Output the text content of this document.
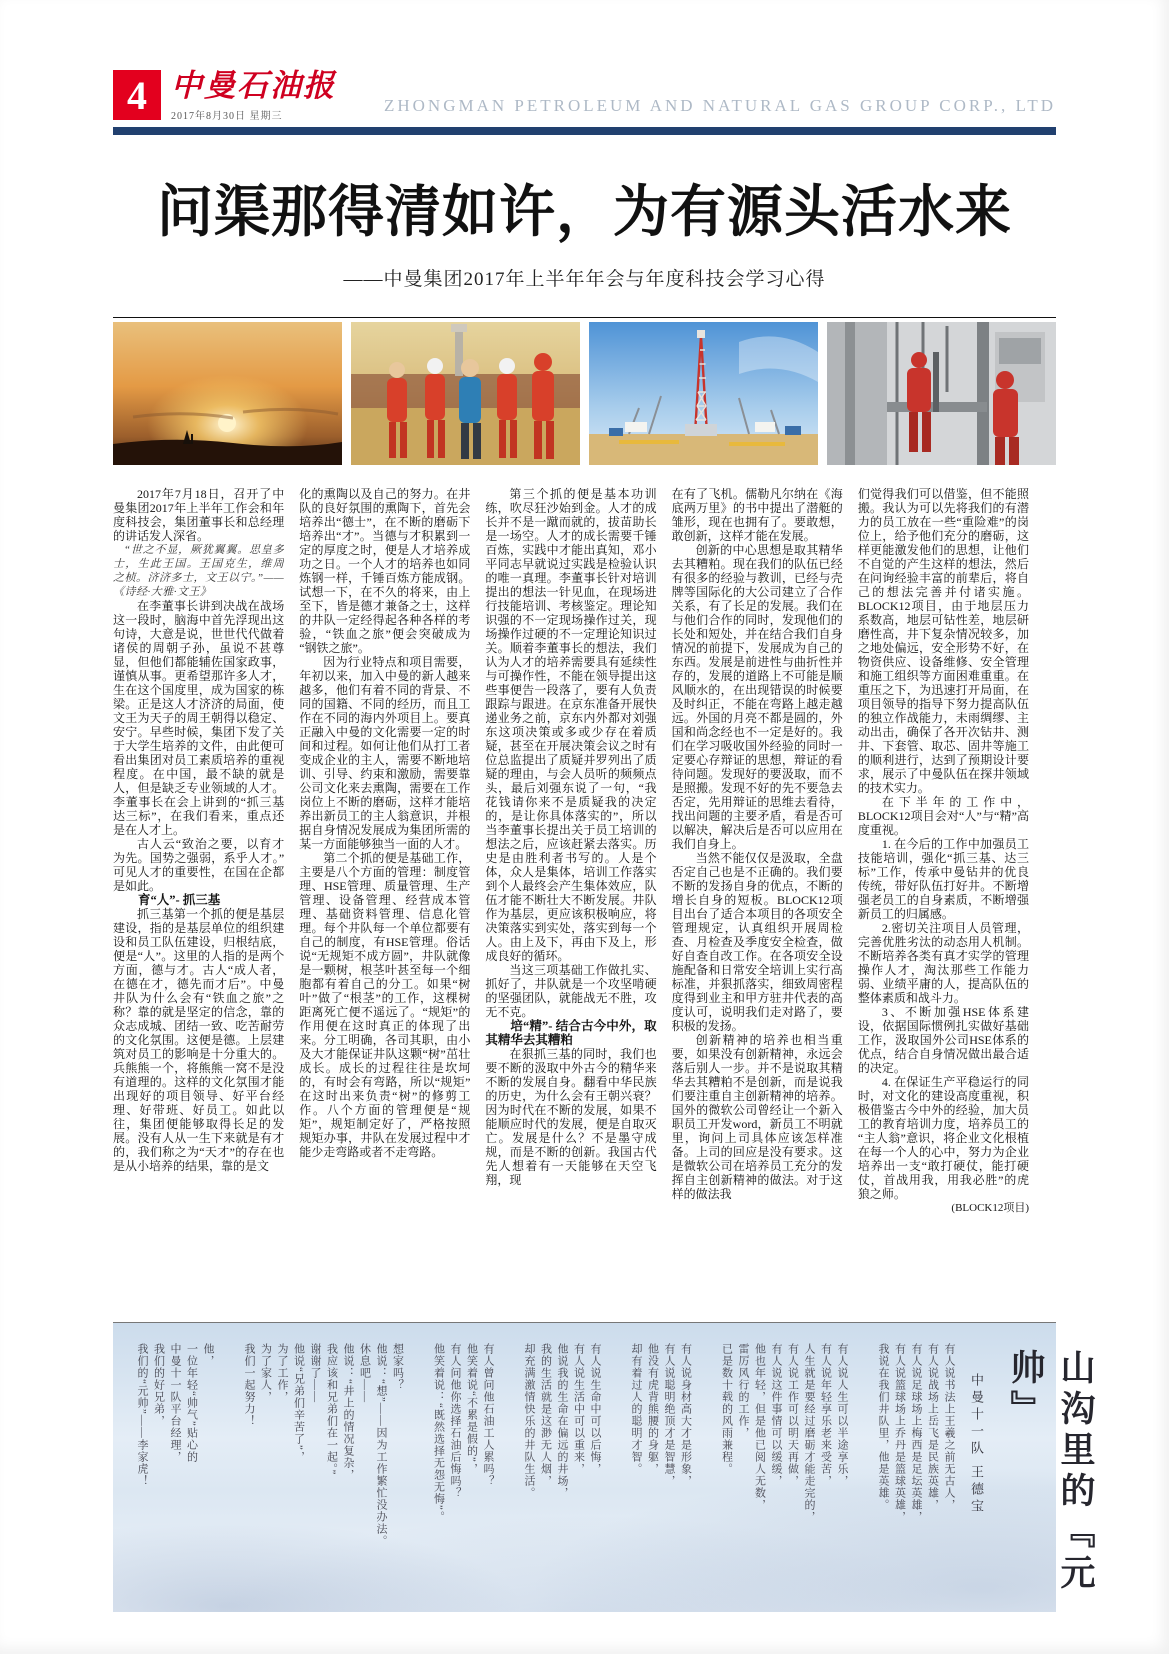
4 中曼石油报
2017年8月30日 星期三
ZHONGMAN PETROLEUM AND NATURAL GAS GROUP CORP., LTD
问渠那得清如许，为有源头活水来

——中曼集团2017年上半年年会与年度科技会学习心得

2017年7月18日，召开了中曼集团2017年上半年工作会和年度科技会，集团董事长和总经理的讲话发人深省。

“世之不显，厥犹翼翼。思皇多士，生此王国。王国克生，维周之桢。济济多士，文王以宁。”——《诗经·大雅·文王》

在李董事长讲到决战在战场这一段时，脑海中首先浮现出这句诗，大意是说，世世代代做着诸侯的周朝子孙，虽说不甚尊显，但他们都能辅佐国家政事，谨慎从事。更希望那许多人才，生在这个国度里，成为国家的栋梁。正是这人才济济的局面，使文王为天子的周王朝得以稳定、安宁。早些时候，集团下发了关于大学生培养的文件，由此便可看出集团对员工素质培养的重视程度。在中国，最不缺的就是人，但是缺乏专业领域的人才。李董事长在会上讲到的“抓三基达三标”，在我们看来，重点还是在人才上。

古人云“致治之要，以育才为先。国势之强弱，系乎人才。”可见人才的重要性，在国在企都是如此。

育“人”- 抓三基

抓三基第一个抓的便是基层建设，指的是基层单位的组织建设和员工队伍建设，归根结底，便是“人”。这里的人指的是两个方面，德与才。古人“成人者，在德在才，德先而才后”。中曼井队为什么会有“铁血之旅”之称？靠的就是坚定的信念，靠的众志成城、团结一致、吃苦耐劳的文化氛围。这便是德。上层建筑对员工的影响是十分重大的。兵熊熊一个，将熊熊一窝不是没有道理的。这样的文化氛围才能出现好的项目领导、好平台经理、好带班、好员工。如此以往，集团便能够取得长足的发展。没有人从一生下来就是有才的，我们称之为“天才”的存在也是从小培养的结果，靠的是文

化的熏陶以及自己的努力。在井队的良好氛围的熏陶下，首先会培养出“德士”，在不断的磨砺下培养出“才”。当德与才积累到一定的厚度之时，便是人才培养成功之日。一个人才的培养也如同炼钢一样，千锤百炼方能成钢。试想一下，在不久的将来，由上至下，皆是德才兼备之士，这样的井队一定经得起各种各样的考验，“铁血之旅”便会突破成为“钢铁之旅”。

因为行业特点和项目需要，年初以来，加入中曼的新人越来越多，他们有着不同的背景、不同的国籍、不同的经历，而且工作在不同的海内外项目上。要真正融入中曼的文化需要一定的时间和过程。如何让他们从打工者变成企业的主人，需要不断地培训、引导、约束和激励，需要靠公司文化来去熏陶，需要在工作岗位上不断的磨砺，这样才能培养出新员工的主人翁意识，并根据自身情况发展成为集团所需的某一方面能够独当一面的人才。

第二个抓的便是基础工作，主要是八个方面的管理：制度管理、HSE管理、质量管理、生产管理、设备管理、经营成本管理、基础资料管理、信息化管理。每个井队每一个单位都要有自己的制度，有HSE管理。俗话说“无规矩不成方圆”，井队就像是一颗树，根茎叶甚至每一个细胞都有着自己的分工。如果“树叶”做了“根茎”的工作，这棵树距离死亡便不遥远了。“规矩”的作用便在这时真正的体现了出来。分工明确，各司其职，由小及大才能保证井队这颗“树”茁壮成长。成长的过程往往是坎坷的，有时会有弯路，所以“规矩”在这时出来负责“树”的修剪工作。八个方面的管理便是“规矩”，规矩制定好了，严格按照规矩办事，井队在发展过程中才能少走弯路或者不走弯路。

第三个抓的便是基本功训练，吹尽狂沙始到金。人才的成长并不是一蹴而就的，拔苗助长是一场空。人才的成长需要千锤百炼，实践中才能出真知，邓小平同志早就说过实践是检验认识的唯一真理。李董事长针对培训提出的想法一针见血，在现场进行技能培训、考核鉴定。理论知识强的不一定现场操作过关，现场操作过硬的不一定理论知识过关。顺着李董事长的想法，我们认为人才的培养需要具有延续性与可操作性，不能在领导提出这些事便告一段落了，要有人负责跟踪与跟进。在京东准备开展快递业务之前，京东内外都对刘强东这项决策或多或少存在着质疑，甚至在开展决策会议之时有位总监提出了质疑并罗列出了质疑的理由，与会人员听的频频点头，最后刘强东说了一句，“我花钱请你来不是质疑我的决定的，是让你具体落实的”，所以当李董事长提出关于员工培训的想法之后，应该赶紧去落实。历史是由胜利者书写的。人是个体，众人是集体，培训工作落实到个人最终会产生集体效应，队伍才能不断壮大不断发展。井队作为基层，更应该积极响应，将决策落实到实处，落实到每一个人。由上及下，再由下及上，形成良好的循环。

当这三项基础工作做扎实、抓好了，井队就是一个攻坚啃硬的坚强团队，就能战无不胜，攻无不克。

培“精”- 结合古今中外，取其精华去其糟粕

在狠抓三基的同时，我们也要不断的汲取中外古今的精华来不断的发展自身。翻看中华民族的历史，为什么会有王朝兴衰？因为时代在不断的发展，如果不能顺应时代的发展，便是自取灭亡。发展是什么？不是墨守成规，而是不断的创新。我国古代先人想着有一天能够在天空飞翔，现

在有了飞机。儒勒凡尔纳在《海底两万里》的书中提出了潜艇的雏形，现在也拥有了。要敢想，敢创新，这样才能在发展。

创新的中心思想是取其精华去其糟粕。现在我们的队伍已经有很多的经验与教训，已经与壳牌等国际化的大公司建立了合作关系，有了长足的发展。我们在与他们合作的同时，发现他们的长处和短处，并在结合我们自身情况的前提下，发展成为自己的东西。发展是前进性与曲折性并存的，发展的道路上不可能是顺风顺水的，在出现错误的时候要及时纠正，不能在弯路上越走越远。外国的月亮不都是圆的，外国和尚念经也不一定是好的。我们在学习吸收国外经验的同时一定要心存辩证的思想，辩证的看待问题。发现好的要汲取，而不是照搬。发现不好的先不要急去否定，先用辩证的思维去看待，找出问题的主要矛盾，看是否可以解决，解决后是否可以应用在我们自身上。

当然不能仅仅是汲取，全盘否定自己也是不正确的。我们要不断的发扬自身的优点，不断的增长自身的短板。BLOCK12项目出台了适合本项目的各项安全管理规定，认真组织开展周检查、月检查及季度安全检查，做好自查自改工作。在各项安全设施配备和日常安全培训上实行高标准，并狠抓落实，细致周密程度得到业主和甲方驻井代表的高度认可，说明我们走对路了，要积极的发扬。

创新精神的培养也相当重要，如果没有创新精神，永远会落后别人一步。并不是说取其精华去其糟粕不是创新，而是说我们要注重自主创新精神的培养。国外的微软公司曾经让一个新入职员工开发word，新员工不明就里，询问上司具体应该怎样准备。上司的回应是没有要求。这是微软公司在培养员工充分的发挥自主创新精神的做法。对于这样的做法我

们觉得我们可以借鉴，但不能照搬。我认为可以先将我们的有潜力的员工放在一些“重险难”的岗位上，给予他们充分的磨砺，这样更能激发他们的思想，让他们不自觉的产生这样的想法，然后在问询经验丰富的前辈后，将自己的想法完善并付诸实施。BLOCK12项目，由于地层压力系数高，地层可钻性差，地层研磨性高，井下复杂情况较多，加之地处偏远，安全形势不好，在物资供应、设备维修、安全管理和施工组织等方面困难重重。在重压之下，为迅速打开局面，在项目领导的指导下努力提高队伍的独立作战能力，未雨绸缪、主动出击，确保了各开次钻井、测井、下套管、取芯、固井等施工的顺利进行，达到了预期设计要求，展示了中曼队伍在探井领域的技术实力。

在下半年的工作中，BLOCK12项目会对“人”与“精”高度重视。

1. 在今后的工作中加强员工技能培训，强化“抓三基、达三标”工作，传承中曼钻井的优良传统，带好队伍打好井。不断增强老员工的自身素质，不断增强新员工的归属感。

2.密切关注项目人员管理，完善优胜劣汰的动态用人机制。不断培养各类有真才实学的管理操作人才，淘汰那些工作能力弱、业绩平庸的人，提高队伍的整体素质和战斗力。

3、不断加强HSE体系建设，依据国际惯例扎实做好基础工作，汲取国外公司HSE体系的优点，结合自身情况做出最合适的决定。

4. 在保证生产平稳运行的同时，对文化的建设高度重视，积极借鉴古今中外的经验，加大员工的教育培训力度，培养员工的“主人翁”意识，将企业文化根植在每一个人的心中，努力为企业培养出一支“敢打硬仗，能打硬仗，首战用我，用我必胜”的虎狼之师。

(BLOCK12项目)

山沟里的『元帅』
中曼十一队 王德宝
有人说书法上王羲之前无古人，
有人说战场上岳飞是民族英雄，
有人说足球场上梅西是足坛英雄，
有人说篮球场上乔丹是篮球英雄，
我说在我们井队里，他是英雄。
有人说人生可以半途享乐，
有人说年轻享乐老来受苦，
人生就是要经过磨砺才能走完的，
有人说工作可以明天再做，
有人说这件事情可以缓缓，
他也年轻，但是他已阅人无数，
雷厉风行的工作，
已是数十载的风雨兼程。
有人说身材高大才是形象，
有人说聪明绝顶才是智慧，
他没有虎背熊腰的身躯，
却有着过人的聪明才智。
有人说生命中可以后悔，
有人说生活中可以重来，
他说我的生命在偏远的井场，
我的生活就是这渺无人烟，
却充满激情快乐的井队生活。
有人曾问他石油工人累吗？
他笑着说“不累是假的”，
有人问他你选择石油后悔吗？
他笑着说：“既然选择无怨无悔”。
想家吗？
他说：“想”——因为工作繁忙没办法。
休息吧——
他说：“井上的情况复杂，
我应该和兄弟们在一起。”
谢谢了——
他说“兄弟们辛苦了”，
为了工作，
为了家人，
我们一起努力！
他，
一位年轻“帅气”贴心的
中曼十一队平台经理，
我们的好兄弟，
我们的“元帅”——李家虎！
